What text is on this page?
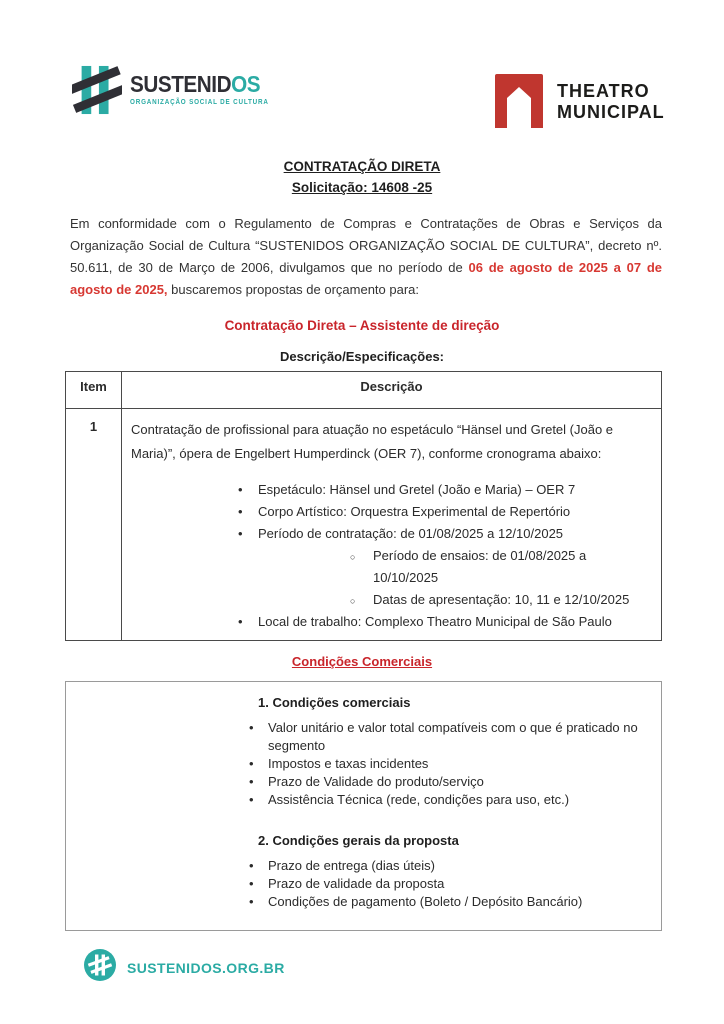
SUSTENIDOS
ORGANIZAÇÃO SOCIAL DE CULTURA
THEATRO
MUNICIPAL
CONTRATAÇÃO DIRETA
Solicitação: 14608 -25
Em conformidade com o Regulamento de Compras e Contratações de Obras e Serviços da Organização Social de Cultura “SUSTENIDOS ORGANIZAÇÃO SOCIAL DE CULTURA”, decreto nº. 50.611, de 30 de Março de 2006, divulgamos que no período de 06 de agosto de 2025 a 07 de agosto de 2025, buscaremos propostas de orçamento para:
Contratação Direta – Assistente de direção
Descrição/Especificações:
Item	Descrição
1	Contratação de profissional para atuação no espetáculo “Hänsel und Gretel (João e Maria)”, ópera de Engelbert Humperdinck (OER 7), conforme cronograma abaixo:
• Espetáculo: Hänsel und Gretel (João e Maria) – OER 7
• Corpo Artístico: Orquestra Experimental de Repertório
• Período de contratação: de 01/08/2025 a 12/10/2025
○ Período de ensaios: de 01/08/2025 a 10/10/2025
○ Datas de apresentação: 10, 11 e 12/10/2025
• Local de trabalho: Complexo Theatro Municipal de São Paulo
Condições Comerciais
1. Condições comerciais
• Valor unitário e valor total compatíveis com o que é praticado no segmento
• Impostos e taxas incidentes
• Prazo de Validade do produto/serviço
• Assistência Técnica (rede, condições para uso, etc.)
2. Condições gerais da proposta
• Prazo de entrega (dias úteis)
• Prazo de validade da proposta
• Condições de pagamento (Boleto / Depósito Bancário)
SUSTENIDOS.ORG.BR
